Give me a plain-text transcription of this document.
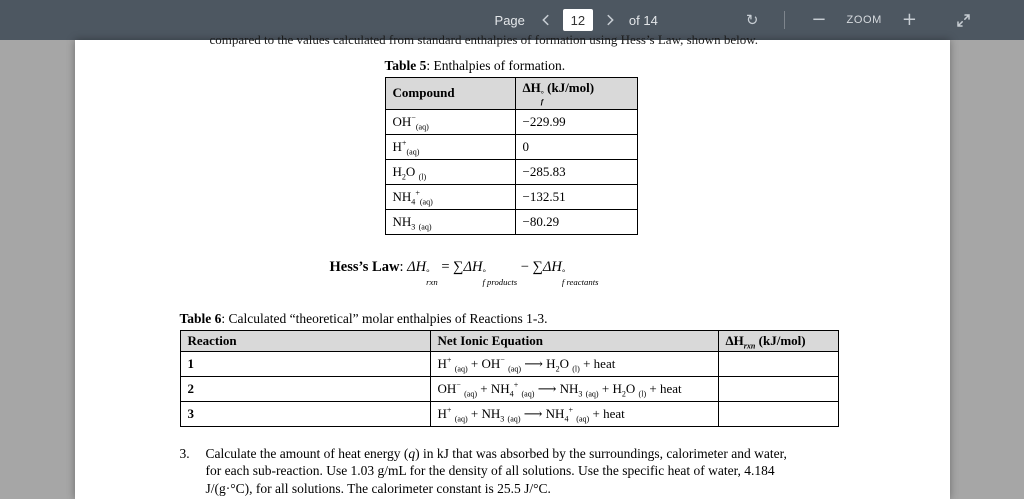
Page
12	of 14	↻	− ZOOM +
compared to the values calculated from standard enthalpies of formation using Hess’s Law, shown below.

Table 5: Enthalpies of formation.

Compound	ΔH °
f
(kJ/mol)
$OH^-_{(aq)}$	−229.99
$H^+_{(aq)}$	0
$H_2O$ $_{(l)}$	−285.83
$NH_4^+_{(aq)}$	−132.51
$NH_3$ $_{(aq)}$	−80.29

Hess’s Law: ΔH °
rxn
= ∑ΔH °
f products
− ∑ΔH °
f reactants

Table 6: Calculated “theoretical” molar enthalpies of Reactions 1-3.

Reaction	Net Ionic Equation	$\Delta H_{rxn}$ (kJ/mol)
1	H+ $_{(aq)}$ + OH− $_{(aq)}$ ⟶ $H_2O$ $_{(l)}$ + heat	
2	OH− $_{(aq)} + NH_4^+$ $_{(aq)}$ ⟶ $NH_3$ $_{(aq)} + H_2O$ $_{(l)}$ + heat	
3	H+ $_{(aq)} + NH_3$ $_{(aq)}$ ⟶ $NH_4^+$ $_{(aq)}$ + heat	
3.	Calculate the amount of heat energy (q) in kJ that was absorbed by the surroundings, calorimeter and water, for each sub-reaction. Use 1.03 g/mL for the density of all solutions. Use the specific heat of water, 4.184 J/(g·°C), for all solutions. The calorimeter constant is 25.5 J/°C.
